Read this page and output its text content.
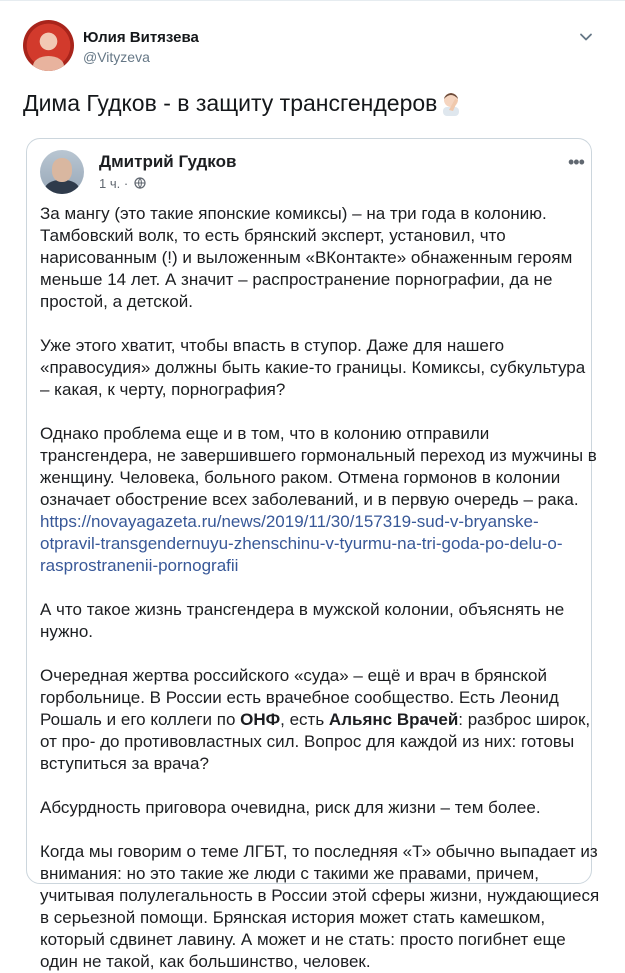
Юлия Витязева
@Vityzeva
Дима Гудков - в защиту трансгендеров
Дмитрий Гудков
1 ч. ·
•••

За мангу (это такие японские комиксы) – на три года в колонию.

Тамбовский волк, то есть брянский эксперт, установил, что

нарисованным (!) и выложенным «ВКонтакте» обнаженным героям

меньше 14 лет. А значит – распространение порнографии, да не

простой, а детской.

Уже этого хватит, чтобы впасть в ступор. Даже для нашего

«правосудия» должны быть какие-то границы. Комиксы, субкультура

– какая, к черту, порнография?

Однако проблема еще и в том, что в колонию отправили

трансгендера, не завершившего гормональный переход из мужчины в

женщину. Человека, больного раком. Отмена гормонов в колонии

означает обострение всех заболеваний, и в первую очередь – рака.

https://novayagazeta.ru/news/2019/11/30/157319-sud-v-bryanske-

otpravil-transgendernuyu-zhenschinu-v-tyurmu-na-tri-goda-po-delu-o-

rasprostranenii-pornografii

А что такое жизнь трансгендера в мужской колонии, объяснять не

нужно.

Очередная жертва российского «суда» – ещё и врач в брянской

горбольнице. В России есть врачебное сообщество. Есть Леонид

Рошаль и его коллеги по ОНФ, есть Альянс Врачей: разброс широк,

от про- до противовластных сил. Вопрос для каждой из них: готовы

вступиться за врача?

Абсурдность приговора очевидна, риск для жизни – тем более.

Когда мы говорим о теме ЛГБТ, то последняя «Т» обычно выпадает из

внимания: но это такие же люди с такими же правами, причем,

учитывая полулегальность в России этой сферы жизни, нуждающиеся

в серьезной помощи. Брянская история может стать камешком,

который сдвинет лавину. А может и не стать: просто погибнет еще

один не такой, как большинство, человек.
